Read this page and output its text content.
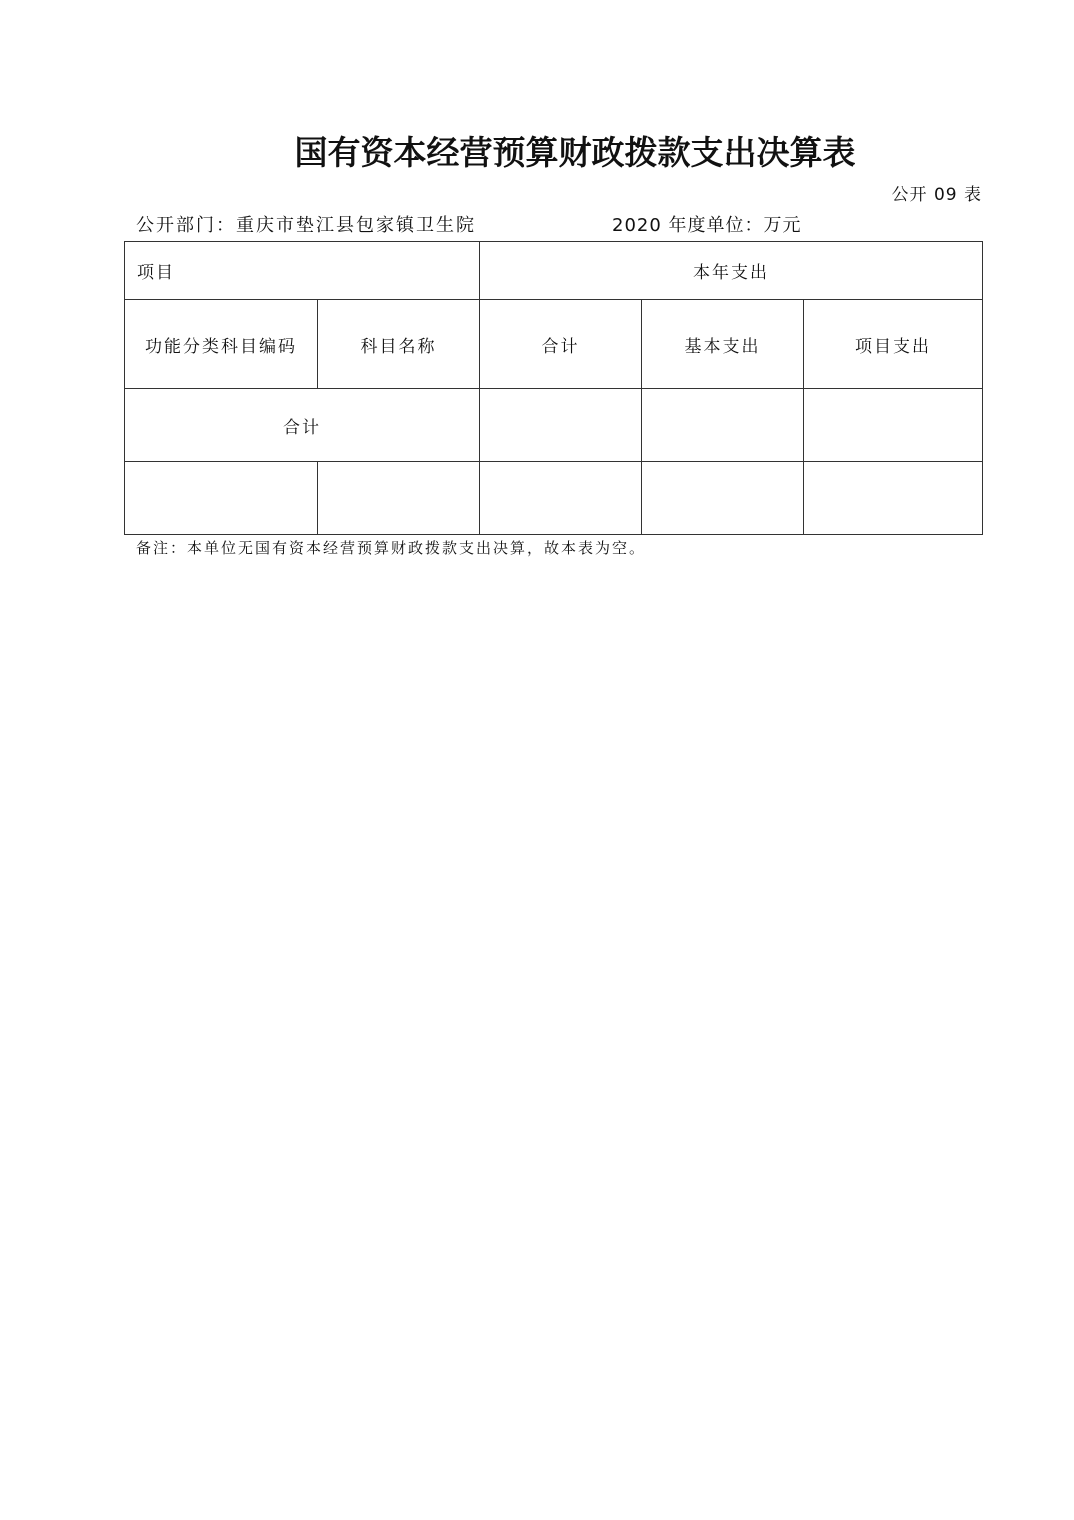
国有资本经营预算财政拨款支出决算表
公开 09 表
公开部门：重庆市垫江县包家镇卫生院	2020 年度单位：万元
项目		本年支出		
功能分类科目编码	科目名称	合计	基本支出	项目支出
合计				

备注：本单位无国有资本经营预算财政拨款支出决算，故本表为空。
